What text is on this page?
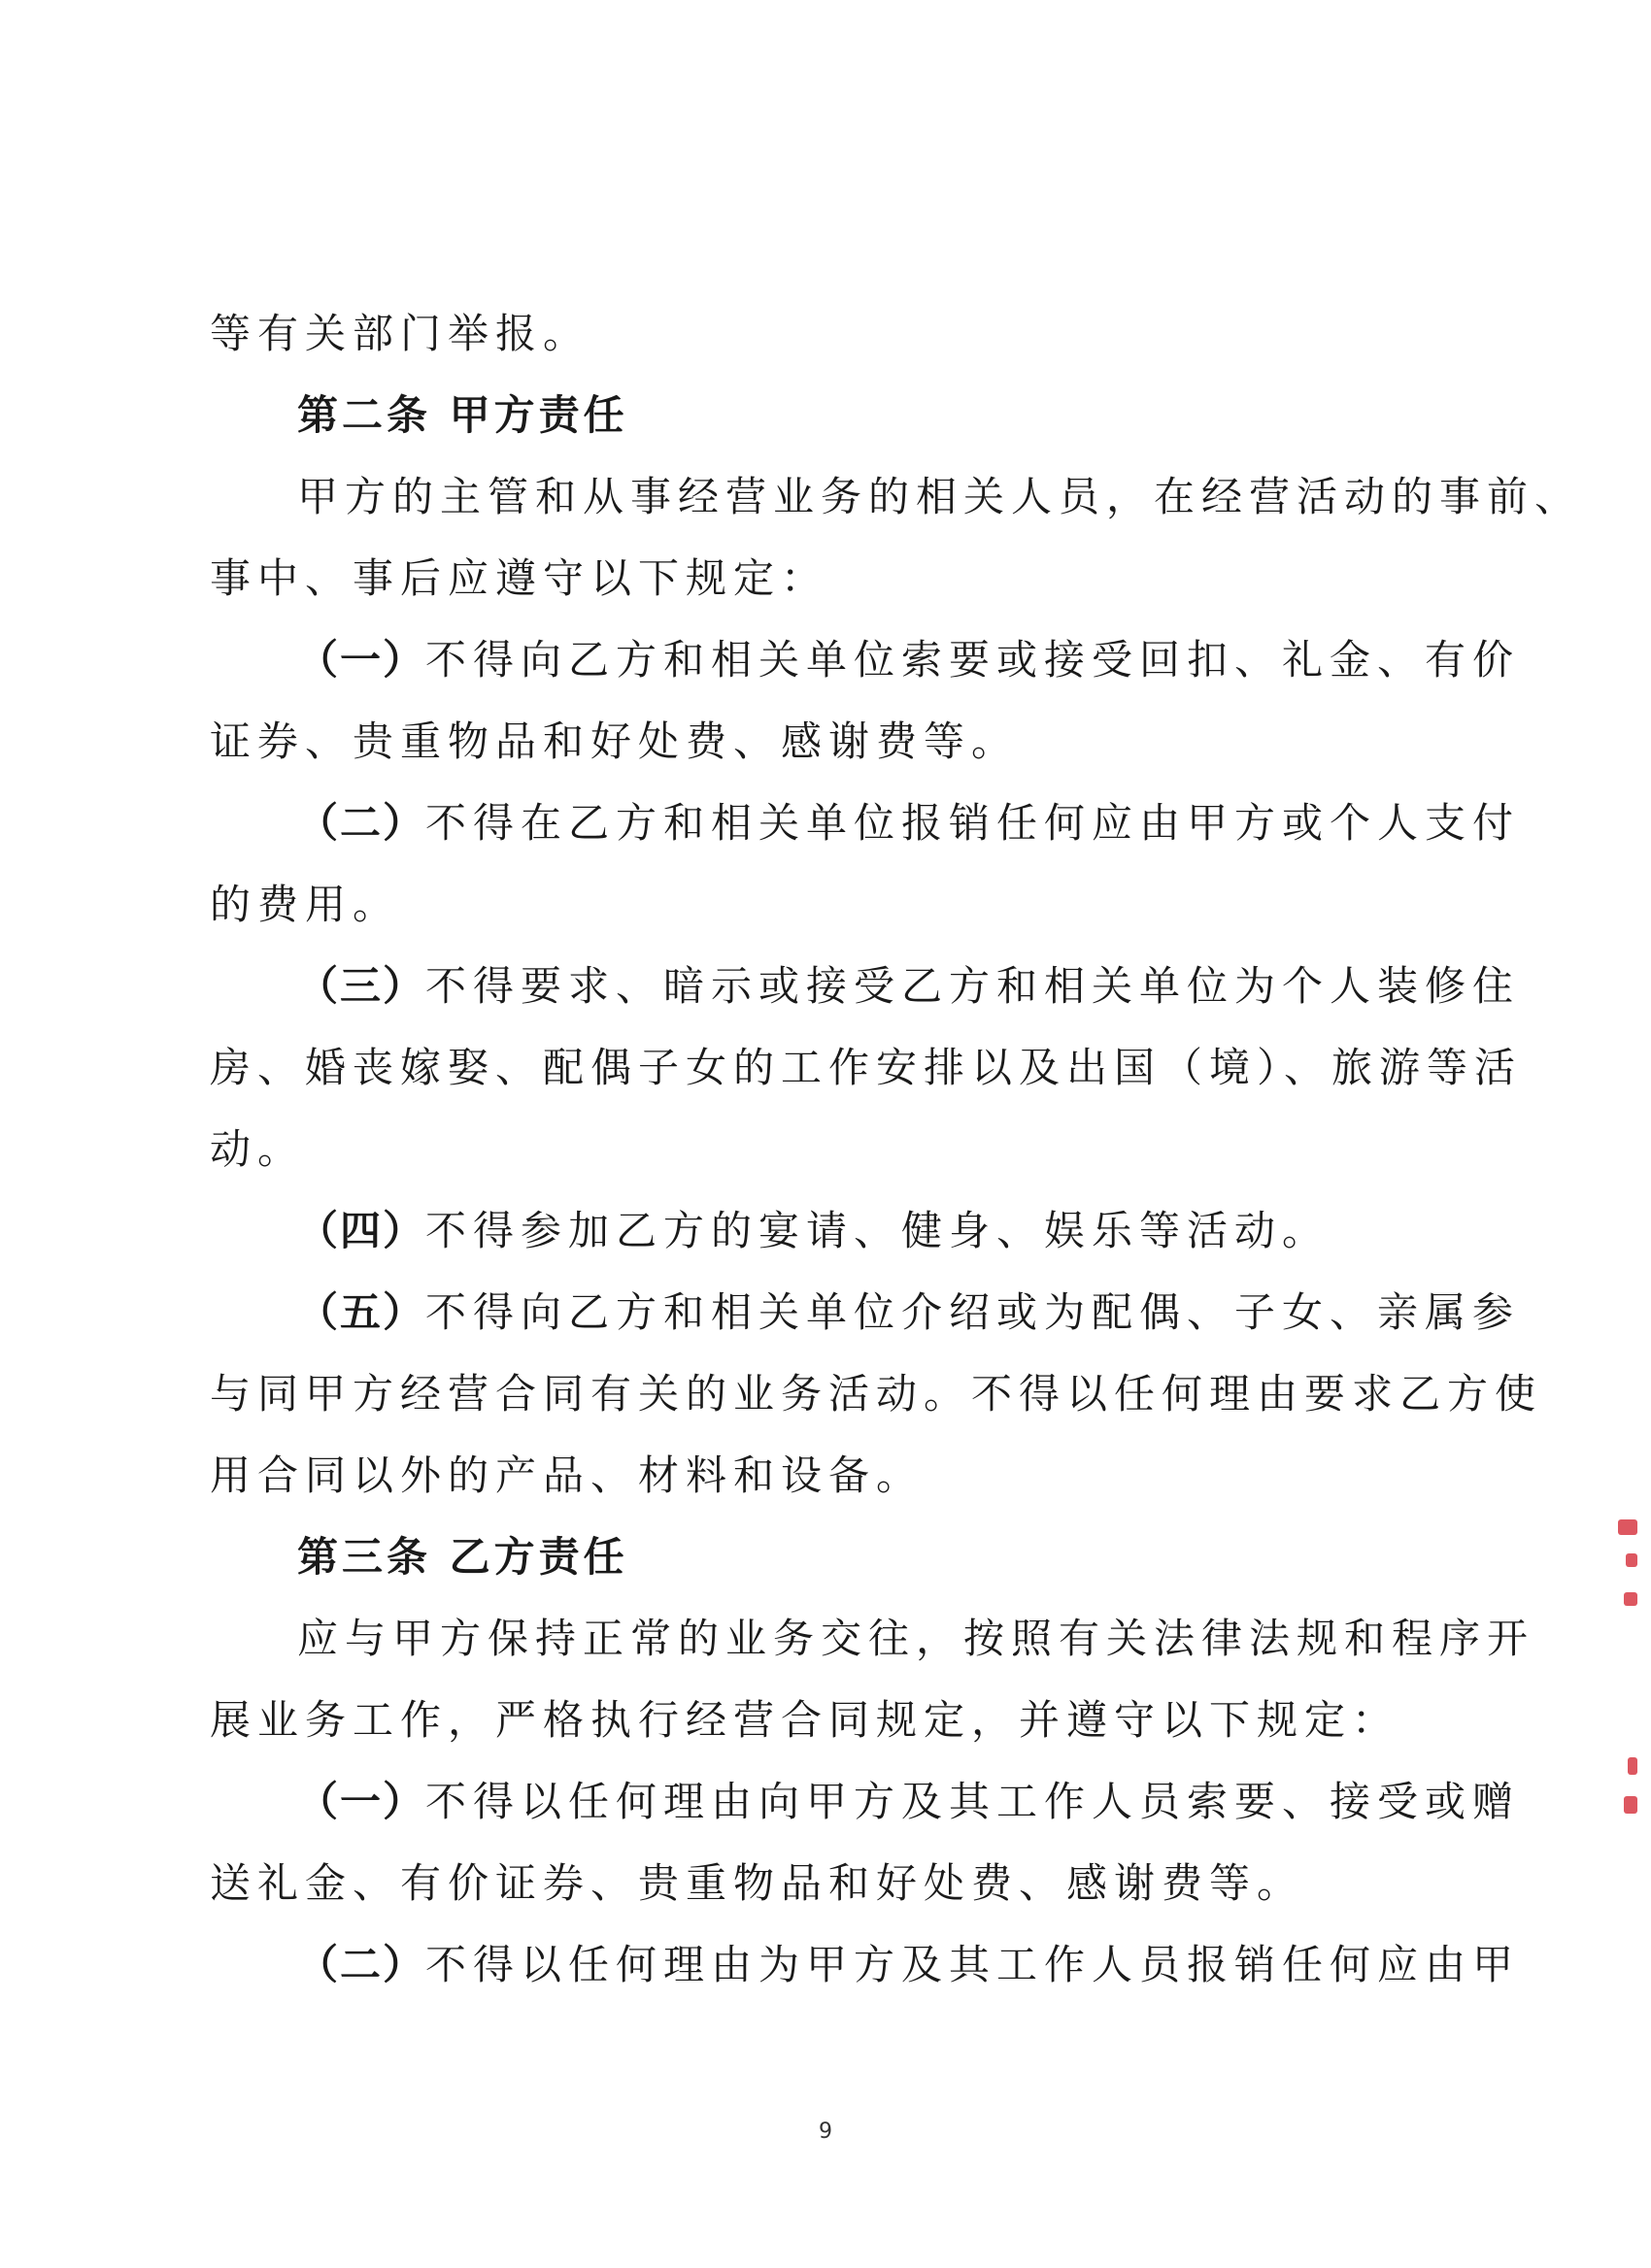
等有关部门举报。
第二条 甲方责任
甲方的主管和从事经营业务的相关人员，在经营活动的事前、
事中、事后应遵守以下规定：
（一）不得向乙方和相关单位索要或接受回扣、礼金、有价
证券、贵重物品和好处费、感谢费等。
（二）不得在乙方和相关单位报销任何应由甲方或个人支付
的费用。
（三）不得要求、暗示或接受乙方和相关单位为个人装修住
房、婚丧嫁娶、配偶子女的工作安排以及出国（境）、旅游等活
动。
（四）不得参加乙方的宴请、健身、娱乐等活动。
（五）不得向乙方和相关单位介绍或为配偶、子女、亲属参
与同甲方经营合同有关的业务活动。不得以任何理由要求乙方使
用合同以外的产品、材料和设备。
第三条 乙方责任
应与甲方保持正常的业务交往，按照有关法律法规和程序开
展业务工作，严格执行经营合同规定，并遵守以下规定：
（一）不得以任何理由向甲方及其工作人员索要、接受或赠
送礼金、有价证券、贵重物品和好处费、感谢费等。
（二）不得以任何理由为甲方及其工作人员报销任何应由甲
9
